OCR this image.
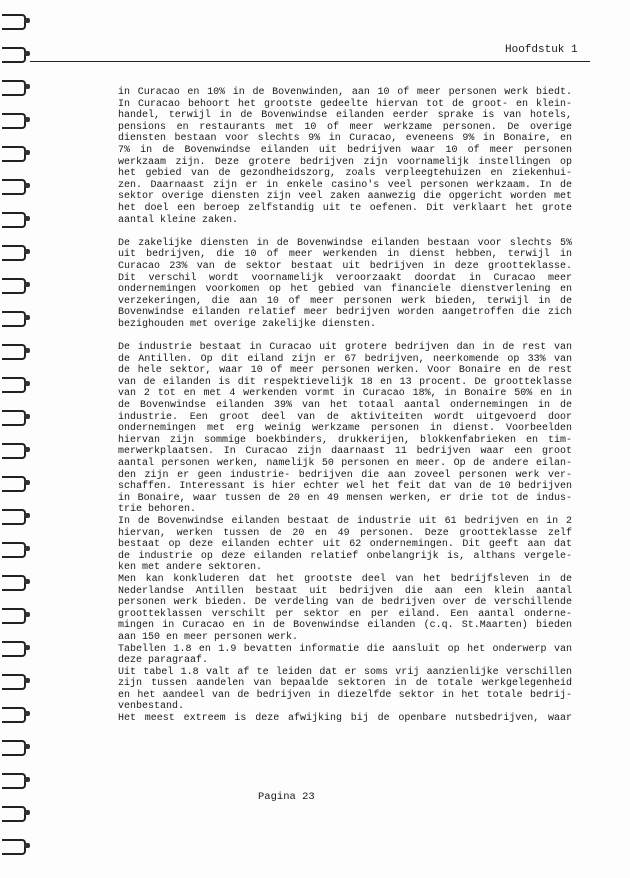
Hoofdstuk 1
in Curacao en 10% in de Bovenwinden, aan 10 of meer personen werk biedt.
In Curacao behoort het grootste gedeelte hiervan tot de groot- en klein-
handel, terwijl in de Bovenwindse eilanden eerder sprake is van hotels,
pensions en restaurants met 10 of meer werkzame personen. De overige
diensten bestaan voor slechts 9% in Curacao, eveneens 9% in Bonaire, en
7% in de Bovenwindse eilanden uit bedrijven waar 10 of meer personen
werkzaam zijn. Deze grotere bedrijven zijn voornamelijk instellingen op
het gebied van de gezondheidszorg, zoals verpleegtehuizen en ziekenhui-
zen. Daarnaast zijn er in enkele casino's veel personen werkzaam. In de
sektor overige diensten zijn veel zaken aanwezig die opgericht worden met
het doel een beroep zelfstandig uit te oefenen. Dit verklaart het grote
aantal kleine zaken.
De zakelijke diensten in de Bovenwindse eilanden bestaan voor slechts 5%
uit bedrijven, die 10 of meer werkenden in dienst hebben, terwijl in
Curacao 23% van de sektor bestaat uit bedrijven in deze grootteklasse.
Dit verschil wordt voornamelijk veroorzaakt doordat in Curacao meer
ondernemingen voorkomen op het gebied van financiele dienstverlening en
verzekeringen, die aan 10 of meer personen werk bieden, terwijl in de
Bovenwindse eilanden relatief meer bedrijven worden aangetroffen die zich
bezighouden met overige zakelijke diensten.
De industrie bestaat in Curacao uit grotere bedrijven dan in de rest van
de Antillen. Op dit eiland zijn er 67 bedrijven, neerkomende op 33% van
de hele sektor, waar 10 of meer personen werken. Voor Bonaire en de rest
van de eilanden is dit respektievelijk 18 en 13 procent. De grootteklasse
van 2 tot en met 4 werkenden vormt in Curacao 18%, in Bonaire 50% en in
de Bovenwindse eilanden 39% van het totaal aantal ondernemingen in de
industrie. Een groot deel van de aktiviteiten wordt uitgevoerd door
ondernemingen met erg weinig werkzame personen in dienst. Voorbeelden
hiervan zijn sommige boekbinders, drukkerijen, blokkenfabrieken en tim-
merwerkplaatsen. In Curacao zijn daarnaast 11 bedrijven waar een groot
aantal personen werken, namelijk 50 personen en meer. Op de andere eilan-
den zijn er geen industrie- bedrijven die aan zoveel personen werk ver-
schaffen. Interessant is hier echter wel het feit dat van de 10 bedrijven
in Bonaire, waar tussen de 20 en 49 mensen werken, er drie tot de indus-
trie behoren.
In de Bovenwindse eilanden bestaat de industrie uit 61 bedrijven en in 2
hiervan, werken tussen de 20 en 49 personen. Deze grootteklasse zelf
bestaat op deze eilanden echter uit 62 ondernemingen. Dit geeft aan dat
de industrie op deze eilanden relatief onbelangrijk is, althans vergele-
ken met andere sektoren.
Men kan konkluderen dat het grootste deel van het bedrijfsleven in de
Nederlandse Antillen bestaat uit bedrijven die aan een klein aantal
personen werk bieden. De verdeling van de bedrijven over de verschillende
grootteklassen verschilt per sektor en per eiland. Een aantal onderne-
mingen in Curacao en in de Bovenwindse eilanden (c.q. St.Maarten) bieden
aan 150 en meer personen werk.
Tabellen 1.8 en 1.9 bevatten informatie die aansluit op het onderwerp van
deze paragraaf.
Uit tabel 1.8 valt af te leiden dat er soms vrij aanzienlijke verschillen
zijn tussen aandelen van bepaalde sektoren in de totale werkgelegenheid
en het aandeel van de bedrijven in diezelfde sektor in het totale bedrij-
venbestand.
Het meest extreem is deze afwijking bij de openbare nutsbedrijven, waar
Pagina 23
